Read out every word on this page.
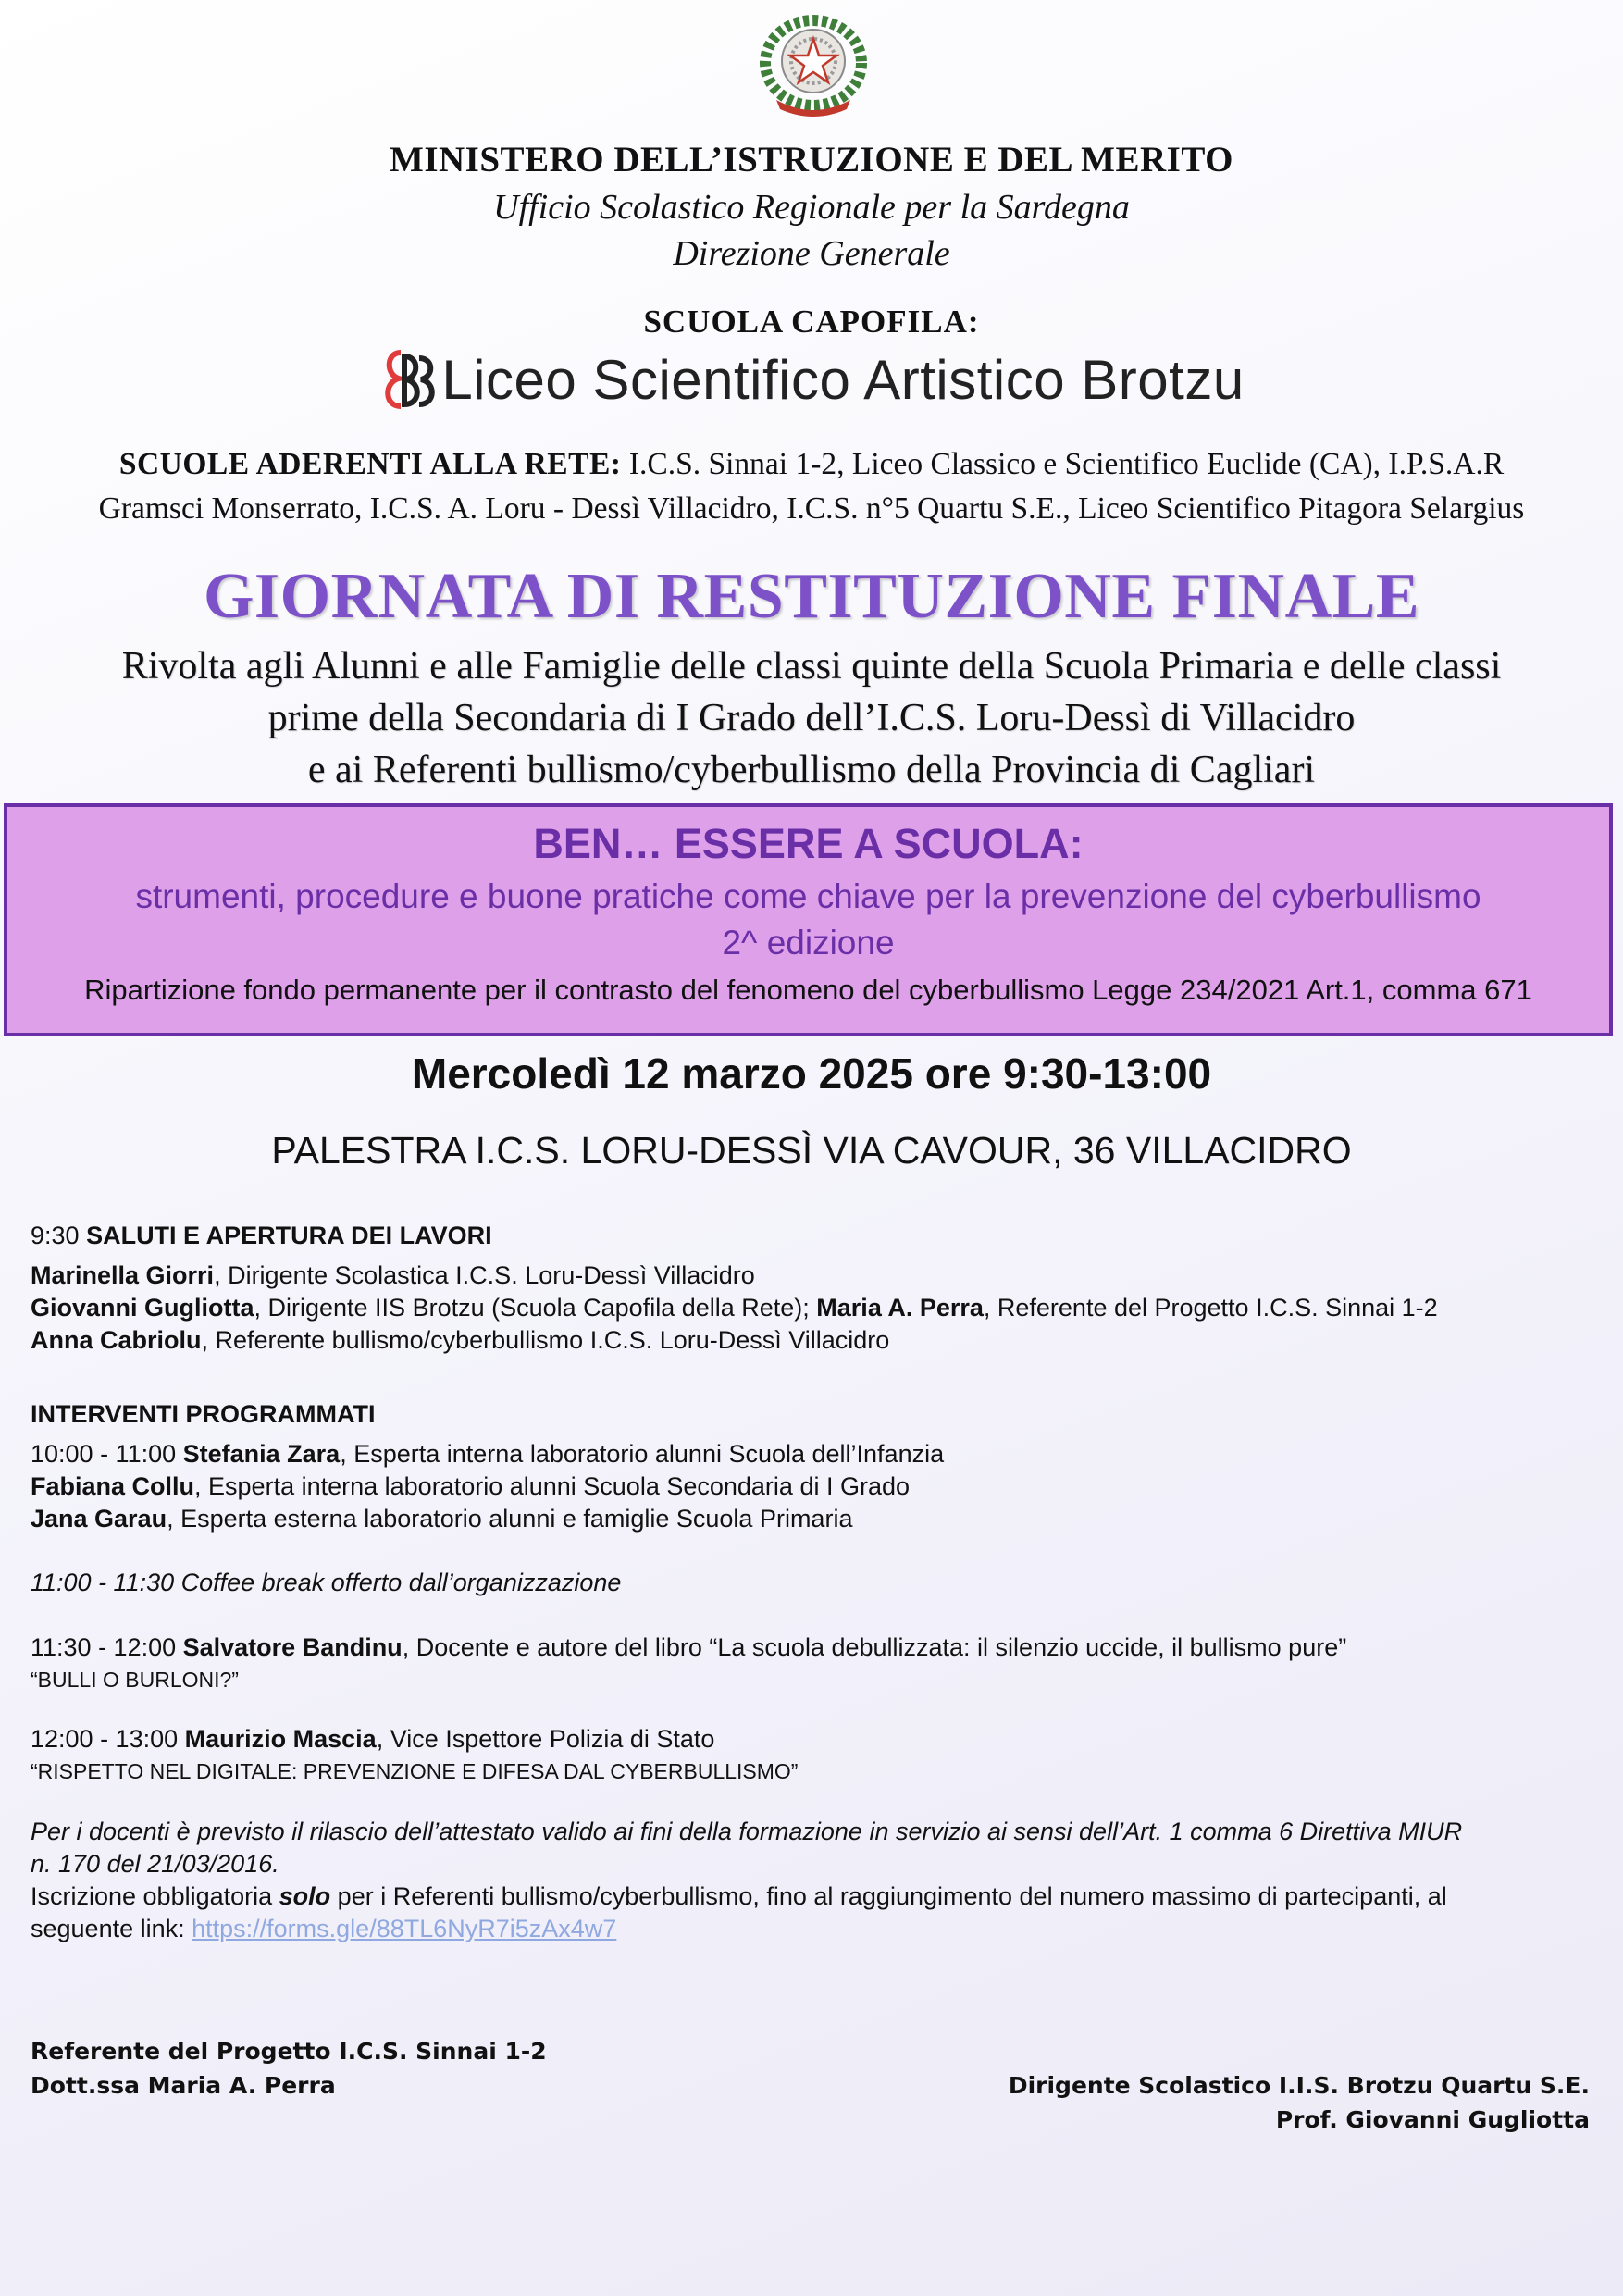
MINISTERO DELL’ISTRUZIONE E DEL MERITO
Ufficio Scolastico Regionale per la Sardegna
Direzione Generale
SCUOLA CAPOFILA:
Liceo Scientifico Artistico Brotzu
SCUOLE ADERENTI ALLA RETE: I.C.S. Sinnai 1-2, Liceo Classico e Scientifico Euclide (CA), I.P.S.A.R
Gramsci Monserrato, I.C.S. A. Loru - Dessì Villacidro, I.C.S. n°5 Quartu S.E., Liceo Scientifico Pitagora Selargius
GIORNATA DI RESTITUZIONE FINALE
Rivolta agli Alunni e alle Famiglie delle classi quinte della Scuola Primaria e delle classi
prime della Secondaria di I Grado dell’I.C.S. Loru-Dessì di Villacidro
e ai Referenti bullismo/cyberbullismo della Provincia di Cagliari
BEN… ESSERE A SCUOLA:
strumenti, procedure e buone pratiche come chiave per la prevenzione del cyberbullismo
2^ edizione
Ripartizione fondo permanente per il contrasto del fenomeno del cyberbullismo Legge 234/2021 Art.1, comma 671
Mercoledì 12 marzo 2025 ore 9:30-13:00
PALESTRA I.C.S. LORU-DESSÌ VIA CAVOUR, 36 VILLACIDRO
9:30 SALUTI E APERTURA DEI LAVORI
Marinella Giorri, Dirigente Scolastica I.C.S. Loru-Dessì Villacidro
Giovanni Gugliotta, Dirigente IIS Brotzu (Scuola Capofila della Rete); Maria A. Perra, Referente del Progetto I.C.S. Sinnai 1-2
Anna Cabriolu, Referente bullismo/cyberbullismo I.C.S. Loru-Dessì Villacidro
INTERVENTI PROGRAMMATI
10:00 - 11:00 Stefania Zara, Esperta interna laboratorio alunni Scuola dell’Infanzia
Fabiana Collu, Esperta interna laboratorio alunni Scuola Secondaria di I Grado
Jana Garau, Esperta esterna laboratorio alunni e famiglie Scuola Primaria
11:00 - 11:30 Coffee break offerto dall’organizzazione
11:30 - 12:00 Salvatore Bandinu, Docente e autore del libro “La scuola debullizzata: il silenzio uccide, il bullismo pure”
“BULLI O BURLONI?”
12:00 - 13:00 Maurizio Mascia, Vice Ispettore Polizia di Stato
“RISPETTO NEL DIGITALE: PREVENZIONE E DIFESA DAL CYBERBULLISMO”
Per i docenti è previsto il rilascio dell’attestato valido ai fini della formazione in servizio ai sensi dell’Art. 1 comma 6 Direttiva MIUR
n. 170 del 21/03/2016.
Iscrizione obbligatoria solo per i Referenti bullismo/cyberbullismo, fino al raggiungimento del numero massimo di partecipanti, al
seguente link: https://forms.gle/88TL6NyR7i5zAx4w7
Referente del Progetto I.C.S. Sinnai 1-2
Dott.ssa Maria A. Perra	Dirigente Scolastico I.I.S. Brotzu Quartu S.E.
Prof. Giovanni Gugliotta
